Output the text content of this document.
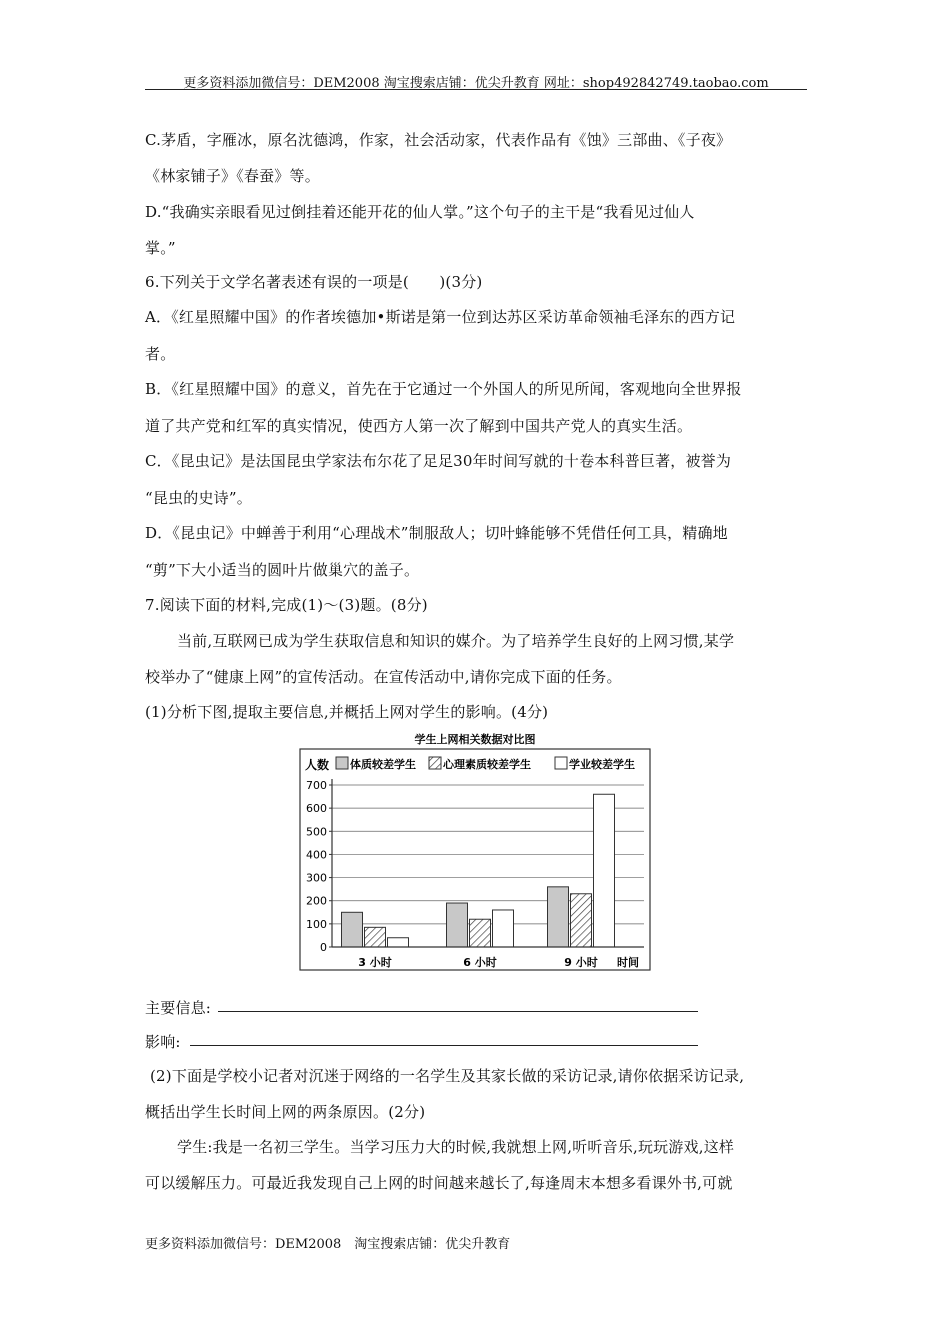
更多资料添加微信号：DEM2008 淘宝搜索店铺：优尖升教育 网址：shop492842749.taobao.com
C.茅盾，字雁冰，原名沈德鸿，作家，社会活动家，代表作品有《蚀》三部曲、《子夜》
《林家铺子》《春蚕》等。
D.“我确实亲眼看见过倒挂着还能开花的仙人掌。”这个句子的主干是“我看见过仙人
掌。”
6.下列关于文学名著表述有误的一项是(　　)(3分)
A．《红星照耀中国》的作者埃德加•斯诺是第一位到达苏区采访革命领袖毛泽东的西方记
者。
B．《红星照耀中国》的意义，首先在于它通过一个外国人的所见所闻，客观地向全世界报
道了共产党和红军的真实情况，使西方人第一次了解到中国共产党人的真实生活。
C．《昆虫记》是法国昆虫学家法布尔花了足足30年时间写就的十卷本科普巨著，被誉为
“昆虫的史诗”。
D．《昆虫记》中蝉善于利用“心理战术”制服敌人；切叶蜂能够不凭借任何工具，精确地
“剪”下大小适当的圆叶片做巢穴的盖子。
7.阅读下面的材料,完成(1)～(3)题。(8分)
当前,互联网已成为学生获取信息和知识的媒介。为了培养学生良好的上网习惯,某学
校举办了“健康上网”的宣传活动。在宣传活动中,请你完成下面的任务。
(1)分析下图,提取主要信息,并概括上网对学生的影响。(4分)
学生上网相关数据对比图
人数
时间
体质较差学生 心理素质较差学生	学业较差学生
0
100
200
300
400
500
600
700
3 小时	6 小时	9 小时
主要信息:
影响:
(2)下面是学校小记者对沉迷于网络的一名学生及其家长做的采访记录,请你依据采访记录,
概括出学生长时间上网的两条原因。(2分)
学生:我是一名初三学生。当学习压力大的时候,我就想上网,听听音乐,玩玩游戏,这样
可以缓解压力。可最近我发现自己上网的时间越来越长了,每逢周末本想多看课外书,可就
更多资料添加微信号：DEM2008　淘宝搜索店铺：优尖升教育
